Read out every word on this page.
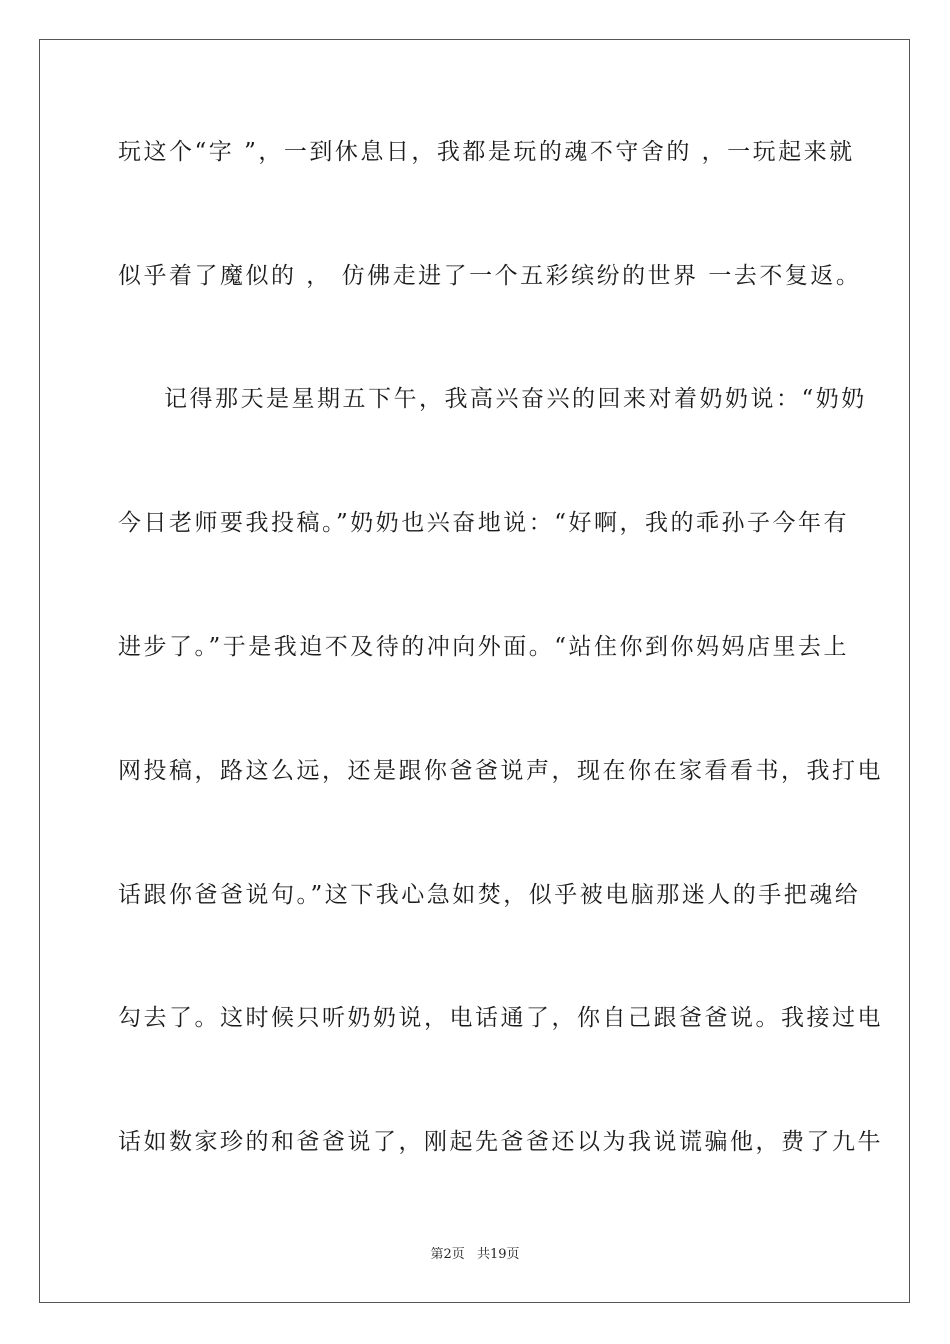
玩这个“字 ”，一到休息日，我都是玩的魂不守舍的 ，一玩起来就
似乎着了魔似的 ， 仿佛走进了一个五彩缤纷的世界 一去不复返。
记得那天是星期五下午，我高兴奋兴的回来对着奶奶说：“奶奶
今日老师要我投稿。”奶奶也兴奋地说：“好啊，我的乖孙子今年有
进步了。”于是我迫不及待的冲向外面。“站住你到你妈妈店里去上
网投稿，路这么远，还是跟你爸爸说声，现在你在家看看书，我打电
话跟你爸爸说句。”这下我心急如焚，似乎被电脑那迷人的手把魂给
勾去了。这时候只听奶奶说，电话通了，你自己跟爸爸说。我接过电
话如数家珍的和爸爸说了，刚起先爸爸还以为我说谎骗他，费了九牛
第2页 共19页
